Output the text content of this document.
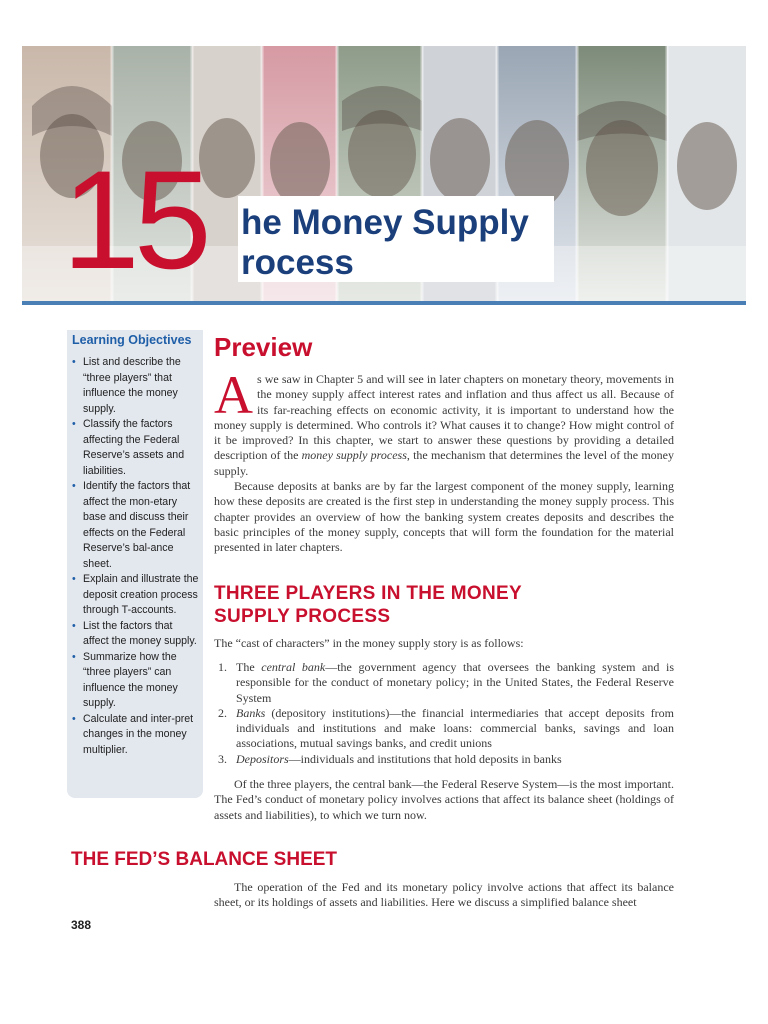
15 he Money Supply
rocess
Learning Objectives
• List and describe the “three players” that influence the money supply.
• Classify the factors affecting the Federal Reserve’s assets and liabilities.
• Identify the factors that affect the mon-etary base and discuss their effects on the Federal Reserve’s bal-ance sheet.
• Explain and illustrate the deposit creation process through T-accounts.
• List the factors that affect the money supply.
• Summarize how the “three players” can influence the money supply.
• Calculate and inter-pret changes in the money multiplier.
Preview

As we saw in Chapter 5 and will see in later chapters on monetary theory, movements in the money supply affect interest rates and inflation and thus affect us all. Because of its far-reaching effects on economic activity, it is important to understand how the money supply is determined. Who controls it? What causes it to change? How might control of it be improved? In this chapter, we start to answer these questions by providing a detailed description of the money supply process, the mechanism that determines the level of the money supply.

Because deposits at banks are by far the largest component of the money supply, learning how these deposits are created is the first step in understanding the money supply process. This chapter provides an overview of how the banking system creates deposits and describes the basic principles of the money supply, concepts that will form the foundation for the material presented in later chapters.

THREE PLAYERS IN THE MONEY
SUPPLY PROCESS

The “cast of characters” in the money supply story is as follows:

1. The central bank—the government agency that oversees the banking system and is responsible for the conduct of monetary policy; in the United States, the Federal Reserve System
2. Banks (depository institutions)—the financial intermediaries that accept deposits from individuals and institutions and make loans: commercial banks, savings and loan associations, mutual savings banks, and credit unions
3. Depositors—individuals and institutions that hold deposits in banks

Of the three players, the central bank—the Federal Reserve System—is the most important. The Fed’s conduct of monetary policy involves actions that affect its balance sheet (holdings of assets and liabilities), to which we turn now.

THE FED’S BALANCE SHEET

The operation of the Fed and its monetary policy involve actions that affect its balance sheet, or its holdings of assets and liabilities. Here we discuss a simplified balance sheet

388
